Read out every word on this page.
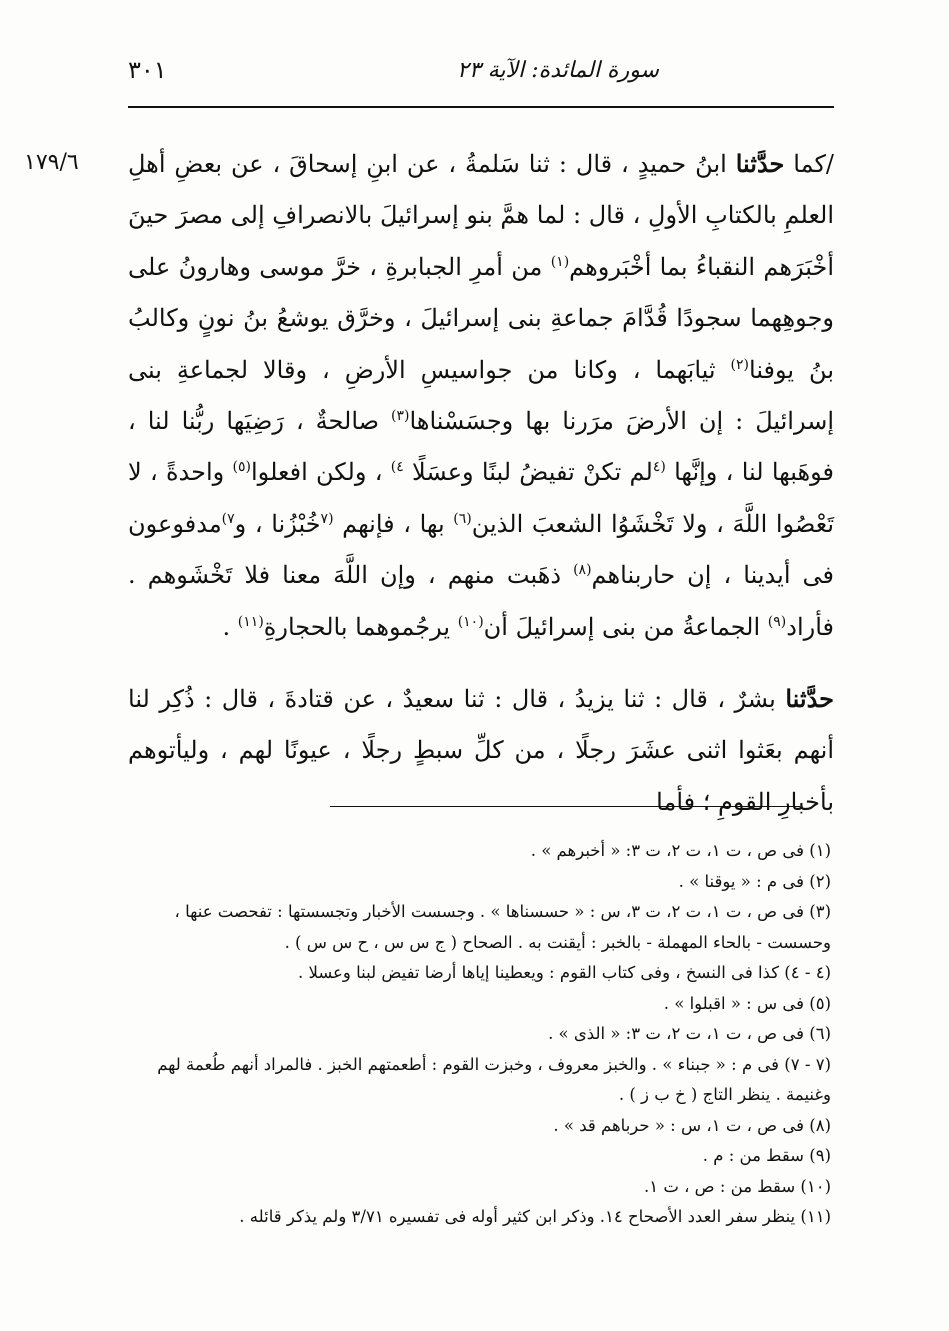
سورة المائدة: الآية ٢٣
٣٠١
١٧٩/٦	/كما حدَّثنا ابنُ حميدٍ ، قال : ثنا سَلمةُ ، عن ابنِ إسحاقَ ، عن بعضِ أهلِ العلمِ بالكتابِ الأولِ ، قال : لما همَّ بنو إسرائيلَ بالانصرافِ إلى مصرَ حينَ أخْبَرَهم النقباءُ بما أخْبَروهم$^{(١)}$ من أمرِ الجبابرةِ ، خرَّ موسى وهارونُ على وجوهِهما سجودًا قُدَّامَ جماعةِ بنى إسرائيلَ ، وخرَّق يوشعُ بنُ نونٍ وكالبُ بنُ يوفنا$^{(٢)}$ ثيابَهما ، وكانا من جواسيسِ الأرضِ ، وقالا لجماعةِ بنى إسرائيلَ : إن الأرضَ مرَرنا بها وجسَسْناها$^{(٣)}$ صالحةٌ ، رَضِيَها ربُّنا لنا ، فوهَبها لنا ، وإنَّها $^{(٤}$لم تكنْ تفيضُ لبنًا وعسَلًا $^{٤)}$ ، ولكن افعلوا$^{(٥)}$ واحدةً ، لا تَعْصُوا اللَّهَ ، ولا تَخْشَوُا الشعبَ الذين$^{(٦)}$ بها ، فإنهم $^{(٧}$خُبْزُنا ، و$^{٧)}$مدفوعون فى أيدينا ، إن حاربناهم$^{(٨)}$ ذهَبت منهم ، وإن اللَّهَ معنا فلا تَخْشَوهم . فأراد$^{(٩)}$ الجماعةُ من بنى إسرائيلَ أن$^{(١٠)}$ يرجُموهما بالحجارةِ$^{(١١)}$ .

حدَّثنا بشرٌ ، قال : ثنا يزيدُ ، قال : ثنا سعيدٌ ، عن قتادةَ ، قال : ذُكِر لنا أنهم بعَثوا اثنى عشَرَ رجلًا ، من كلِّ سبطٍ رجلًا ، عيونًا لهم ، وليأتوهم بأخبارِ القومِ ؛ فأما

(١) فى ص ، ت ١، ت ٢، ت ٣: « أخبرهم » .

(٢) فى م : « يوقنا » .

(٣) فى ص ، ت ١، ت ٢، ت ٣، س : « حسسناها » . وجسست الأخبار وتجسستها : تفحصت عنها ، وحسست - بالحاء المهملة - بالخبر : أيقنت به . الصحاح ( ج س س ، ح س س ) .

(٤ - ٤) كذا فى النسخ ، وفى كتاب القوم : ويعطينا إياها أرضا تفيض لبنا وعسلا .

(٥) فى س : « اقبلوا » .

(٦) فى ص ، ت ١، ت ٢، ت ٣: « الذى » .

(٧ - ٧) فى م : « جبناء » . والخبز معروف ، وخبزت القوم : أطعمتهم الخبز . فالمراد أنهم طُعمة لهم وغنيمة . ينظر التاج ( خ ب ز ) .

(٨) فى ص ، ت ١، س : « حرباهم قد » .

(٩) سقط من : م .

(١٠) سقط من : ص ، ت ١.

(١١) ينظر سفر العدد الأصحاح ١٤. وذكر ابن كثير أوله فى تفسيره ٣/٧١ ولم يذكر قائله .
